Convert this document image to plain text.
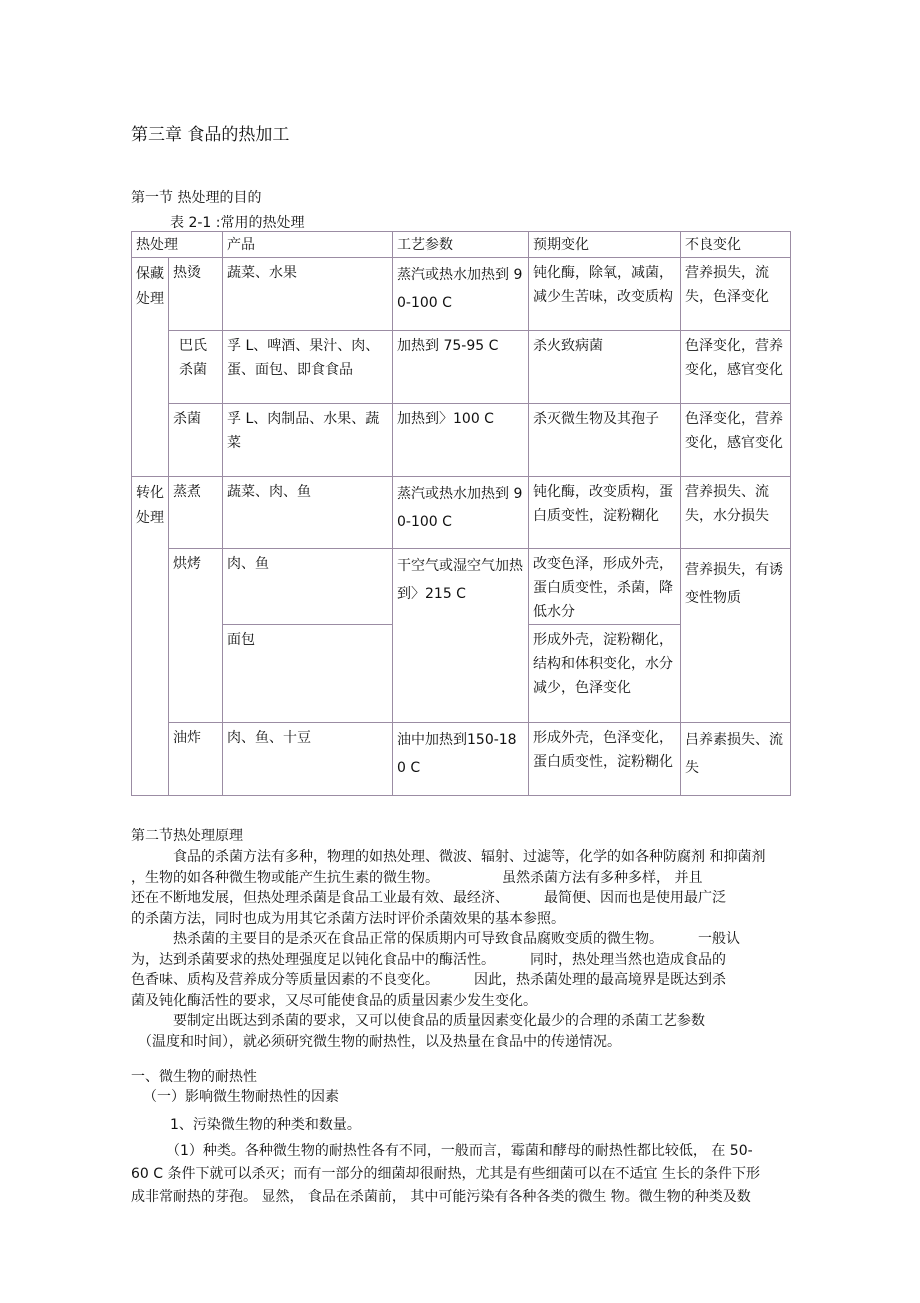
第三章 食品的热加工
第一节 热处理的目的
表 2-1 :常用的热处理
热处理		产品	工艺参数	预期变化	不良变化
保藏处理	热烫	蔬菜、水果	蒸汽或热水加热到 90-100 C	钝化酶，除氧，减菌，减少生苦味，改变质构	营养损失，流失，色泽变化
	巴氏杀菌	孚 L、啤酒、果汁、肉、 蛋、面包、即食食品	加热到 75-95 C	杀火致病菌	色泽变化，营养变化，感官变化
	杀菌	孚 L、肉制品、水果、蔬菜	加热到〉100 C	杀灭微生物及其孢子	色泽变化，营养变化，感官变化
转化处理	蒸煮	蔬菜、肉、鱼	蒸汽或热水加热到 90-100 C	钝化酶，改变质构，蛋白质变性，淀粉糊化	营养损失、流失，水分损失
	烘烤	肉、鱼	干空气或湿空气加热到〉215 C	改变色泽，形成外壳，蛋白质变性，杀菌，降低水分	营养损失，有诱变性物质
		面包		形成外壳，淀粉糊化，结构和体积变化，水分减少，色泽变化	
	油炸	肉、鱼、十豆	油中加热到150-180 C	形成外壳，色泽变化，蛋白质变性，淀粉糊化	吕养素损失、流失
第二节热处理原理
　　　食品的杀菌方法有多种，物理的如热处理、微波、辐射、过滤等，化学的如各种防腐剂 和抑菌剂
，生物的如各种微生物或能产生抗生素的微生物。　　　　　虽然杀菌方法有多种多样， 并且
还在不断地发展，但热处理杀菌是食品工业最有效、最经济、　　　最简便、因而也是使用最广泛
的杀菌方法，同时也成为用其它杀菌方法时评价杀菌效果的基本参照。
　　　热杀菌的主要目的是杀灭在食品正常的保质期内可导致食品腐败变质的微生物。　　　一般认
为，达到杀菌要求的热处理强度足以钝化食品中的酶活性。　　　同时，热处理当然也造成食品的
色香味、质构及营养成分等质量因素的不良变化。　　　因此，热杀菌处理的最高境界是既达到杀
菌及钝化酶活性的要求，又尽可能使食品的质量因素少发生变化。
　　　要制定出既达到杀菌的要求，又可以使食品的质量因素变化最少的合理的杀菌工艺参数
　（温度和时间），就必须研究微生物的耐热性，以及热量在食品中的传递情况。
一、微生物的耐热性
（一）影响微生物耐热性的因素
1、污染微生物的种类和数量。
　　　（1）种类。各种微生物的耐热性各有不同，一般而言，霉菌和酵母的耐热性都比较低， 在 50-
60 C 条件下就可以杀灭；而有一部分的细菌却很耐热，尤其是有些细菌可以在不适宜 生长的条件下形
成非常耐热的芽孢。 显然， 食品在杀菌前， 其中可能污染有各种各类的微生 物。微生物的种类及数
